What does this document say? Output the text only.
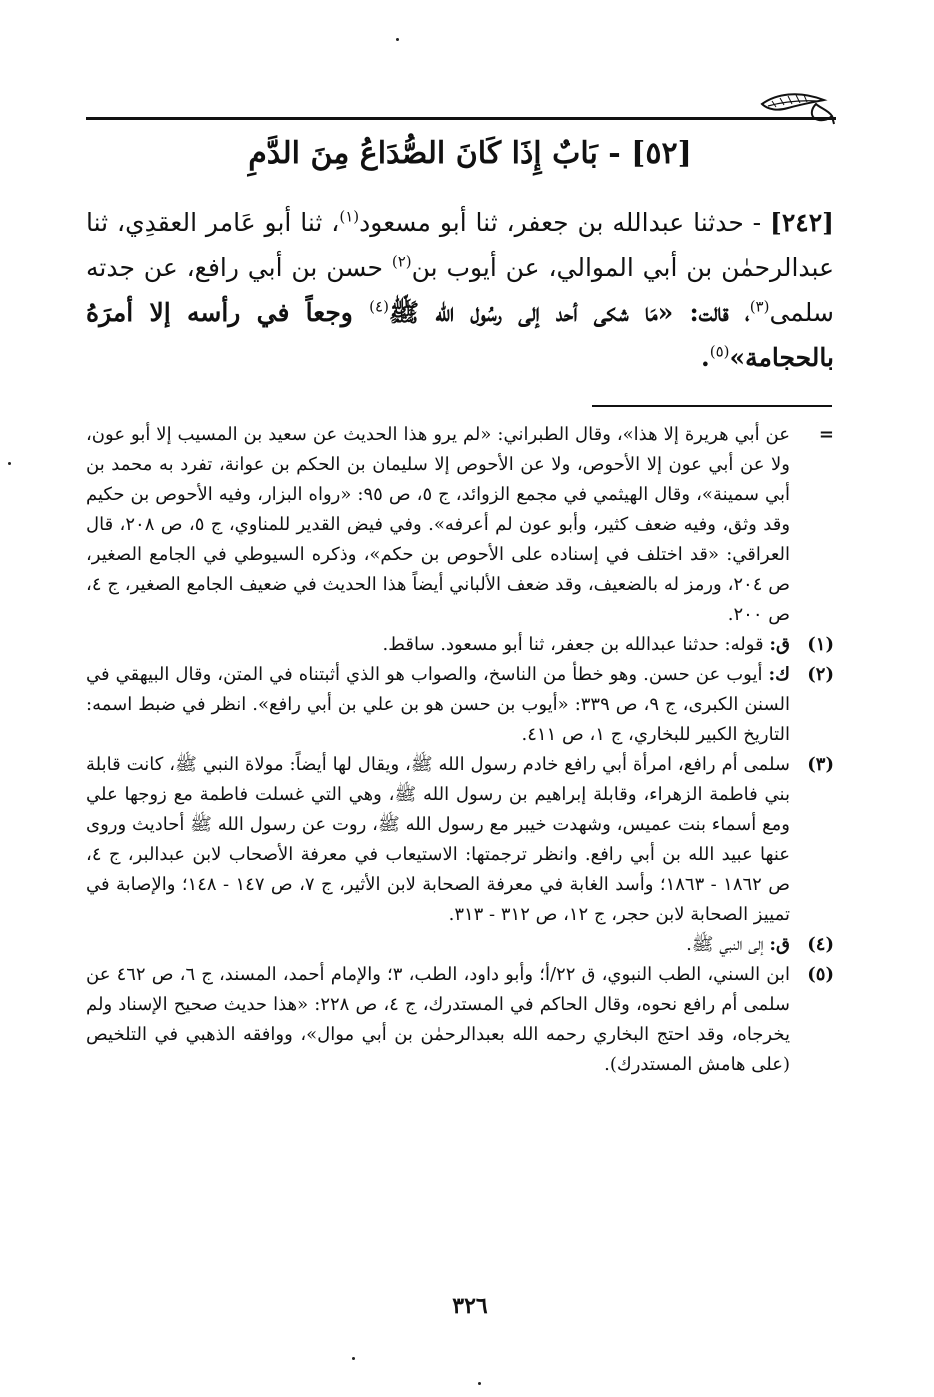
[٥٢] - بَابٌ إِذَا كَانَ الصُّدَاعُ مِنَ الدَّمِ
[٢٤٢] - حدثنا عبدالله بن جعفر، ثنا أبو مسعود$^{(١)}$، ثنا أبو عَامر العقدِي، ثنا عبدالرحمٰن بن أبي الموالي، عن أيوب بن$^{(٢)}$ حسن بن أبي رافع، عن جدته سلمى$^{(٣)}$، قالت: «مَا شكى أحد إلى رسُول الله ﷺ$^{(٤)}$ وجعاً في رأسه إلا أمرَهُ بالحجامة»$^{(٥)}$.
=
عن أبي هريرة إلا هذا»، وقال الطبراني: «لم يرو هذا الحديث عن سعيد بن المسيب إلا أبو عون، ولا عن أبي عون إلا الأحوص، ولا عن الأحوص إلا سليمان بن الحكم بن عوانة، تفرد به محمد بن أبي سمينة»، وقال الهيثمي في مجمع الزوائد، ج ٥، ص ٩٥: «رواه البزار، وفيه الأحوص بن حكيم وقد وثق، وفيه ضعف كثير، وأبو عون لم أعرفه». وفي فيض القدير للمناوي، ج ٥، ص ٢٠٨، قال العراقي: «قد اختلف في إسناده على الأحوص بن حكم»، وذكره السيوطي في الجامع الصغير، ص ٢٠٤، ورمز له بالضعيف، وقد ضعف الألباني أيضاً هذا الحديث في ضعيف الجامع الصغير، ج ٤، ص ٢٠٠.
(١)
ق: قوله: حدثنا عبدالله بن جعفر، ثنا أبو مسعود. ساقط.
(٢)
ك: أيوب عن حسن. وهو خطأ من الناسخ، والصواب هو الذي أثبتناه في المتن، وقال البيهقي في السنن الكبرى، ج ٩، ص ٣٣٩: «أيوب بن حسن هو بن علي بن أبي رافع». انظر في ضبط اسمه: التاريخ الكبير للبخاري، ج ١، ص ٤١١.
(٣)
سلمى أم رافع، امرأة أبي رافع خادم رسول الله ﷺ، ويقال لها أيضاً: مولاة النبي ﷺ، كانت قابلة بني فاطمة الزهراء، وقابلة إبراهيم بن رسول الله ﷺ، وهي التي غسلت فاطمة مع زوجها علي ومع أسماء بنت عميس، وشهدت خيبر مع رسول الله ﷺ، روت عن رسول الله ﷺ أحاديث وروى عنها عبيد الله بن أبي رافع. وانظر ترجمتها: الاستيعاب في معرفة الأصحاب لابن عبدالبر، ج ٤، ص ١٨٦٢ - ١٨٦٣؛ وأسد الغابة في معرفة الصحابة لابن الأثير، ج ٧، ص ١٤٧ - ١٤٨؛ والإصابة في تمييز الصحابة لابن حجر، ج ١٢، ص ٣١٢ - ٣١٣.
(٤)
ق: إلى النبي ﷺ.
(٥)
ابن السني، الطب النبوي، ق ٢٢/أ؛ وأبو داود، الطب، ٣؛ والإمام أحمد، المسند، ج ٦، ص ٤٦٢ عن سلمى أم رافع نحوه، وقال الحاكم في المستدرك، ج ٤، ص ٢٢٨: «هذا حديث صحيح الإسناد ولم يخرجاه، وقد احتج البخاري رحمه الله بعبدالرحمٰن بن أبي موال»، ووافقه الذهبي في التلخيص (على هامش المستدرك).
٣٢٦
